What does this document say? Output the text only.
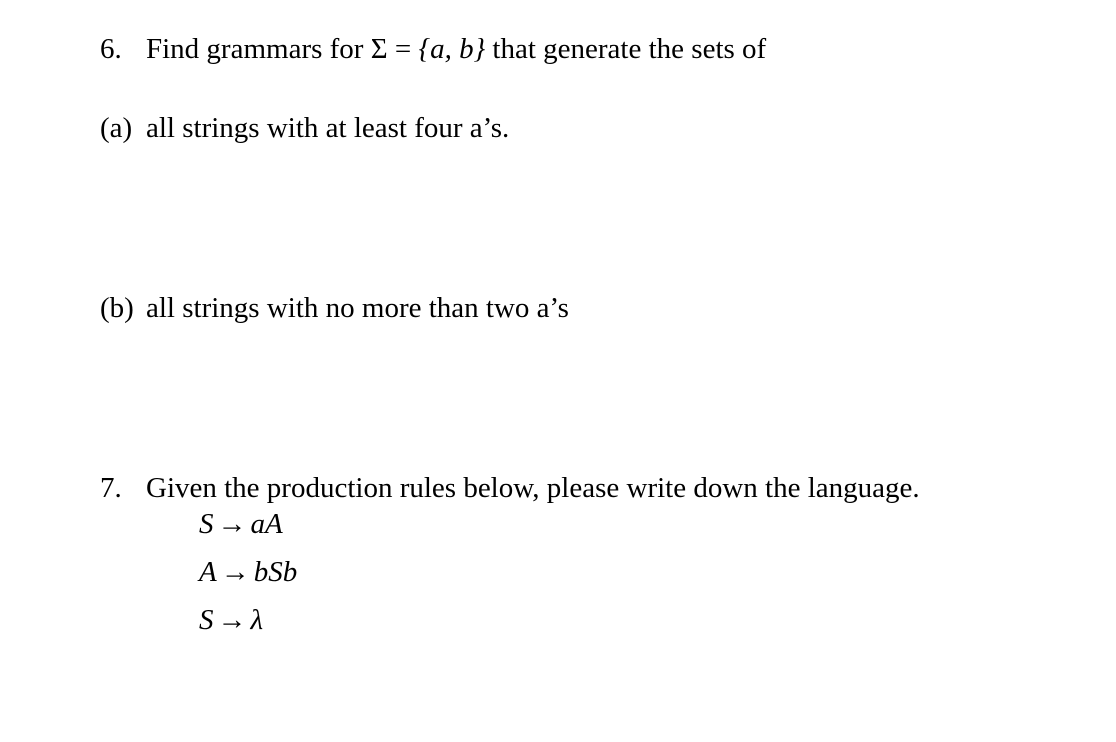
6. Find grammars for Σ = {a, b} that generate the sets of
(a) all strings with at least four a’s.
(b) all strings with no more than two a’s
7. Given the production rules below, please write down the language.
S → aA
A → bSb
S → λ
